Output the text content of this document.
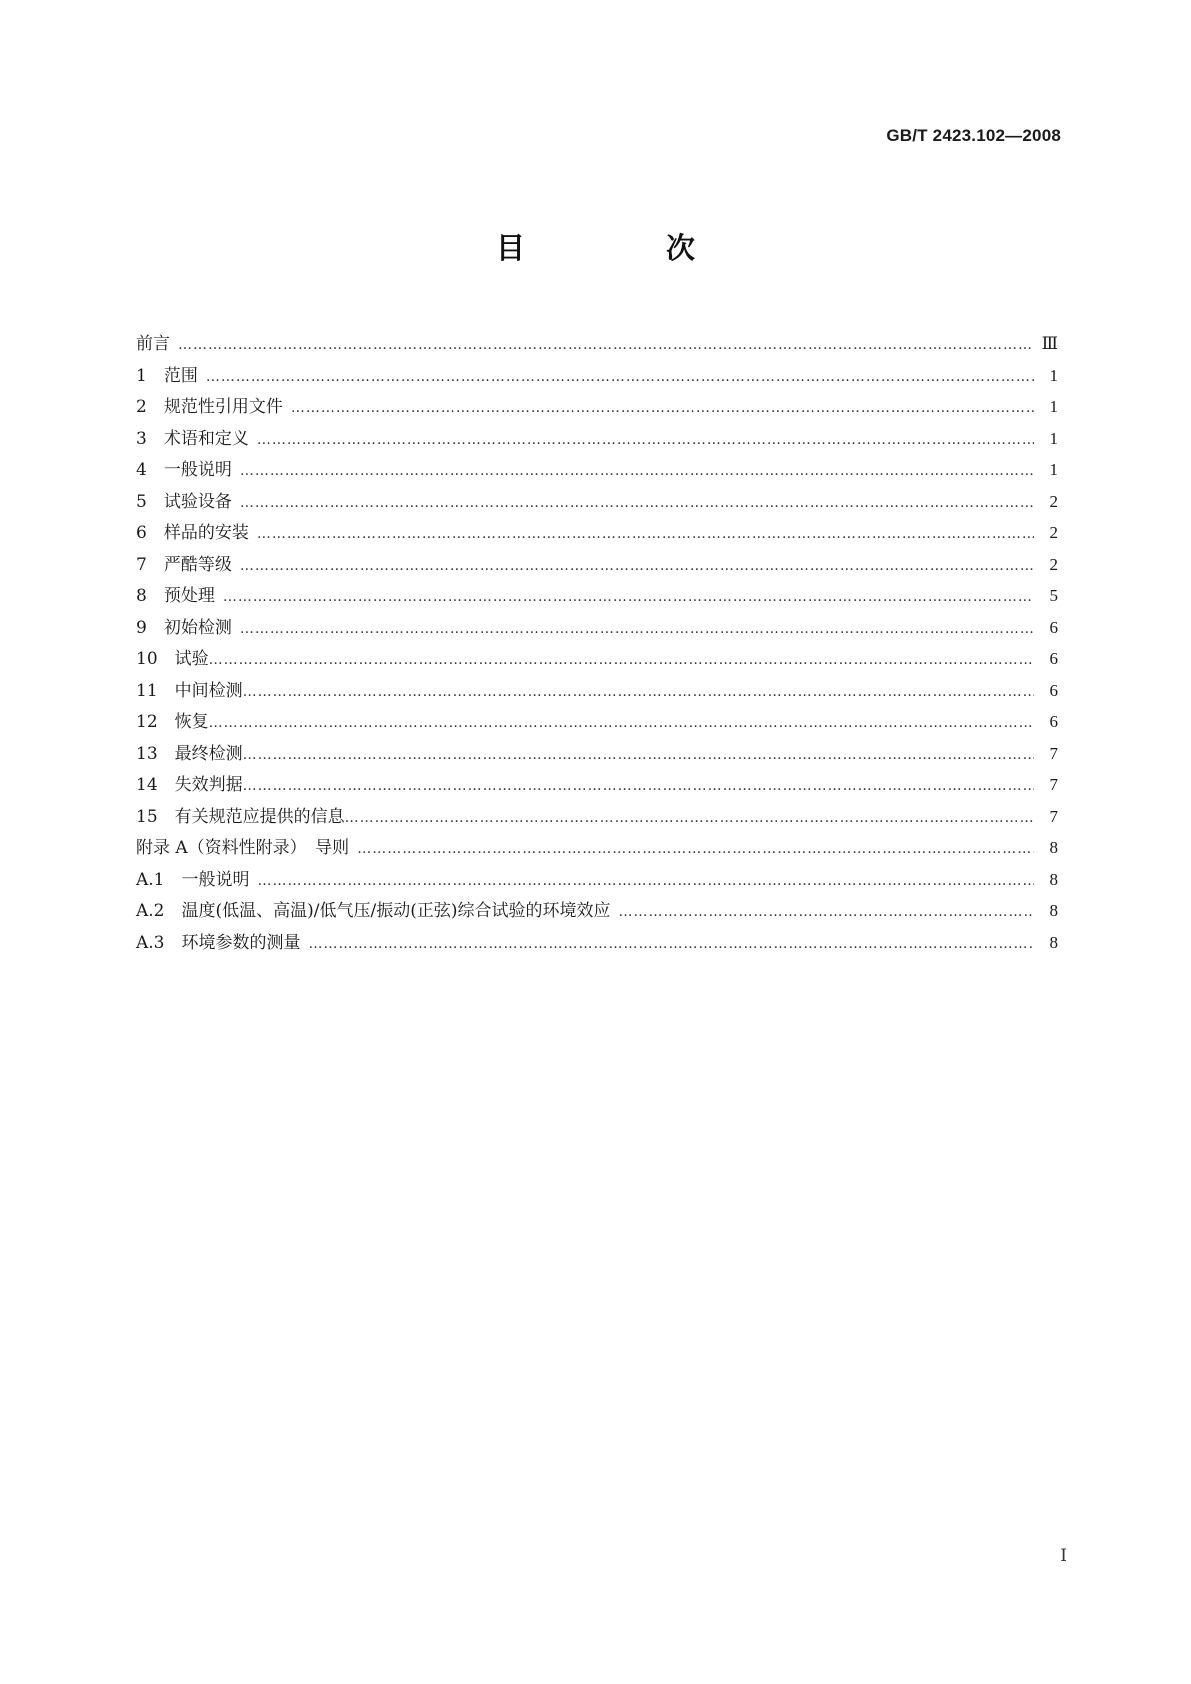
GB/T 2423.102—2008
目　次
前言 …………………………………………………………………………………………………………………………………………………………………………………………………………………………………………………………………………	Ⅲ
1　 范围 …………………………………………………………………………………………………………………………………………………………………………………………………………………………………………………………………………	1
2　 规范性引用文件 …………………………………………………………………………………………………………………………………………………………………………………………………………………………………………………………………………	1
3　 术语和定义 …………………………………………………………………………………………………………………………………………………………………………………………………………………………………………………………………………	1
4　 一般说明 …………………………………………………………………………………………………………………………………………………………………………………………………………………………………………………………………………	1
5　 试验设备 …………………………………………………………………………………………………………………………………………………………………………………………………………………………………………………………………………	2
6　 样品的安装 …………………………………………………………………………………………………………………………………………………………………………………………………………………………………………………………………………	2
7　 严酷等级 …………………………………………………………………………………………………………………………………………………………………………………………………………………………………………………………………………	2
8　 预处理 …………………………………………………………………………………………………………………………………………………………………………………………………………………………………………………………………………	5
9　 初始检测 …………………………………………………………………………………………………………………………………………………………………………………………………………………………………………………………………………	6
10　 试验 …………………………………………………………………………………………………………………………………………………………………………………………………………………………………………………………………………	6
11　 中间检测 …………………………………………………………………………………………………………………………………………………………………………………………………………………………………………………………………………	6
12　 恢复 …………………………………………………………………………………………………………………………………………………………………………………………………………………………………………………………………………	6
13　 最终检测 …………………………………………………………………………………………………………………………………………………………………………………………………………………………………………………………………………	7
14　 失效判据 …………………………………………………………………………………………………………………………………………………………………………………………………………………………………………………………………………	7
15　 有关规范应提供的信息 …………………………………………………………………………………………………………………………………………………………………………………………………………………………………………………………………………	7
附录 A（资料性附录）　导则 …………………………………………………………………………………………………………………………………………………………………………………………………………………………………………………………………………	8
A.1　 一般说明 …………………………………………………………………………………………………………………………………………………………………………………………………………………………………………………………………………	8
A.2　 温度(低温、高温)/低气压/振动(正弦)综合试验的环境效应 …………………………………………………………………………………………………………………………………………………………………………………………………………………………………………………………………………	8
A.3　 环境参数的测量 …………………………………………………………………………………………………………………………………………………………………………………………………………………………………………………………………………	8
Ⅰ
